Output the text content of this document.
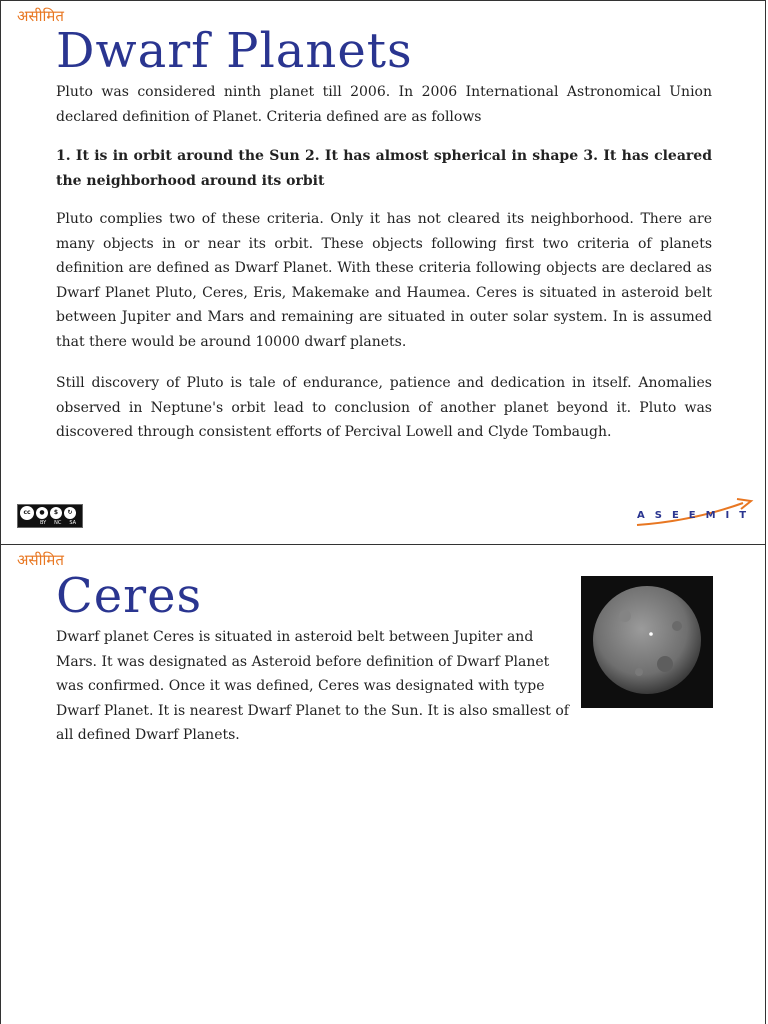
असीमित
Dwarf Planets

Pluto was considered ninth planet till 2006. In 2006 International Astronomical Union declared definition of Planet. Criteria defined are as follows

1. It is in orbit around the Sun 2. It has almost spherical in shape 3. It has cleared the neighborhood around its orbit

Pluto complies two of these criteria. Only it has not cleared its neighborhood. There are many objects in or near its orbit. These objects following first two criteria of planets definition are defined as Dwarf Planet. With these criteria following objects are declared as Dwarf Planet Pluto, Ceres, Eris, Makemake and Haumea. Ceres is situated in asteroid belt between Jupiter and Mars and remaining are situated in outer solar system. In is assumed that there would be around 10000 dwarf planets.

Still discovery of Pluto is tale of endurance, patience and dedication in itself. Anomalies observed in Neptune's orbit lead to conclusion of another planet beyond it. Pluto was discovered through consistent efforts of Percival Lowell and Clyde Tombaugh.

cc	●	$	↻
BY NC SA
ASEEMIT
असीमित
Ceres

Dwarf planet Ceres is situated in asteroid belt between Jupiter and Mars. It was designated as Asteroid before definition of Dwarf Planet was confirmed. Once it was defined, Ceres was designated with type Dwarf Planet. It is nearest Dwarf Planet to the Sun. It is also smallest of all defined Dwarf Planets.
